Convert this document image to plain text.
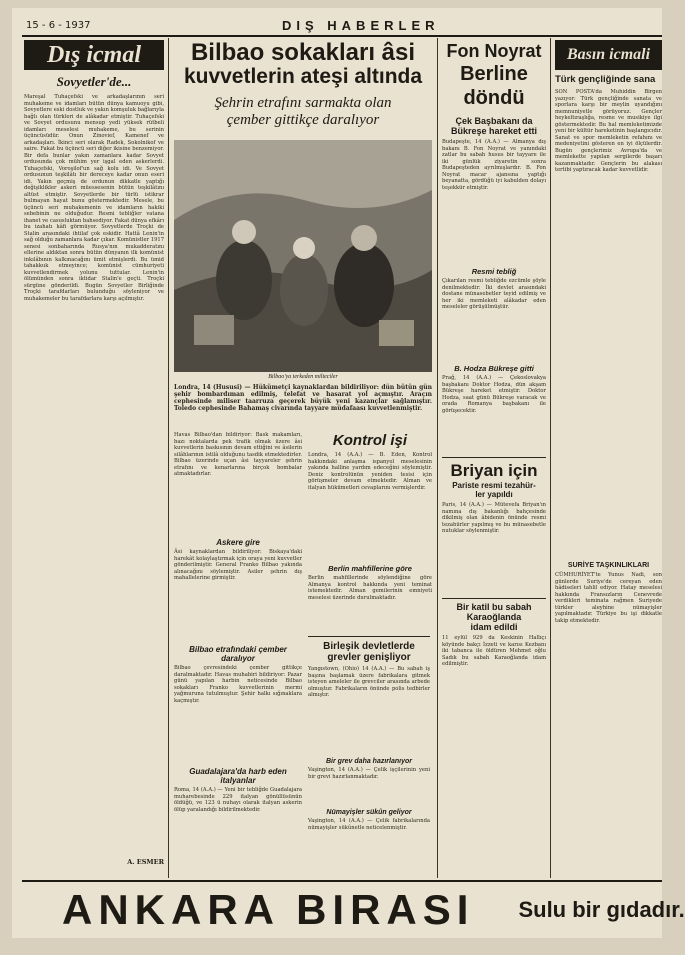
15 - 6 - 1937	DIŞ HABERLER
Dış icmal
Sovyetler'de...
Mareşal Tuhaçefski ve arkadaşlarının seri muhakeme ve idamları bütün dünya kamuoyu gibi, Sovyetlere eski dostluk ve yakın komşuluk bağlarıyla bağlı olan türkleri de alâkadar etmiştir. Tuhaçefski ve Sovyet ordusunu mensup yedi yüksek rütbeli idamları meselesi muhakeme, bu serinin üçüncüsüdür. Onun Zinovief, Kamenef ve arkadaşları. İkinci seri olarak Radek, Sokolnikof ve saire. Fakat bu üçüncü seri diğer ikisine benzemiyor. Bir defa bunlar yakın zamanlara kadar Sovyet ordusunda çok mühim yer işgal eden askerlerdi. Tuhaçefski, Voroşilof'un sağ kolu idi. Ve Sovyet ordusunun teşkilâtı bir dereceye kadar onun eseri idi. Yakın geçmiş de ordunun dikkatle yaptığı değişiklikler askeri müessesenin bütün teşkilâtını altüst etmiştir. Sovyetlerde bir türlü istikrar bulmayan hayat bunu göstermektedir. Mesele, bu üçüncü seri muhakemenin ve idamların hakiki sebebinin ne olduğudur. Resmi tebliğler vatana ihanet ve casusluktan bahsediyor. Fakat dünya efkârı bu izahatı kâfi görmüyor. Sovyetlerde Troçki de Stalin arasındaki ihtilaf çok eskidir. Hattâ Lenin'in sağ olduğu zamanlara kadar çıkar. Komünistler 1917 senesi sonbaharında Rusya'nın mukadderatını ellerine aldıktan sonra bütün dünyanın ilk komünist inkılâbının kalkınacağını ümit etmişlerdi. Bu ümid tahakkuk etmeyince; komünist cümhuriyeti kuvvetlendirmek yolunu tuttular. Lenin'in ölümünden sonra iktidar Stalin'e geçti. Troçki sürgüne gönderildi. Bugün Sovyetler Birliğinde Troçki tarafdarları bulunduğu söyleniyor ve muhakemeler bu tarafdarlara karşı açılmıştır.
A. ESMER
Bilbao sokakları âsi
kuvvetlerin ateşi altında
Şehrin etrafını sarmakta olan
çember gittikçe daralıyor
Bilbao'ya terkeden milteciler
Londra, 14 (Hususi) — Hükümetçi kaynaklardan bildiriliyor: dün bütün gün şehir bombardıman edilmiş, telefat ve hasarat yol açmıştır. Araçın cephesinde miliser taarruza geçerek büyük yeni kazançlar sağlamıştır. Toledo cephesinde Bahamaş civarında tayyare müdafaası kuvvetlenmiştir.
Havas Bilbao'dan bildiriyor: Bask makamları, bazı noktalarda pek trafik olmak üzere âsi kuvvetlerin baskısının devam ettiğini ve âsilerin silâhlarının istilâ olduğunu tasdik etmektedirler. Bilbao üzerinde uçan âsi tayyareler şehrin etrafını ve kenarlarına birçok bombalar atmaktadırlar.
Askere gire
Âsi kaynaklardan bildiriliyor: Biskaya'daki harekât kolaylaştırmak için oraya yeni kuvvetler gönderilmiştir. General Franko Bilbao yakında alınacağını söylemiştir. Asiler şehrin dış mahallelerine girmiştir.
Bilbao etrafındaki çember daralıyor
Bilbao çevresindeki çember gittikçe daralmaktadır. Havas muhabiri bildiriyor: Pazar günü yapılan harbin neticesinde Bilbao sokakları Franko kuvvetlerinin mermi yağmuruna tutulmuştur. Şehir halkı sığınaklara kaçmıştır.
Guadalajara'da harb eden italyanlar
Roma, 14 (A.A.) — Yeni bir tebliğde Guadalajara muharebesinde 229 italyan gönüllüsünün öldüğü, ve 123 ü nuhayı olarak italyan askerin ölüp yaralandığı bildirilmektedir.
Kontrol işi
Londra, 14 (A.A.) — B. Eden, Kontrol hakkındaki anlaşma ispanyol meselesinin yakında halline yardım edeceğini söylemiştir. Deniz kontrolünün yeniden tesisi için görüşmeler devam etmektedir. Alman ve italyan hükümetleri cevaplarını vermişlerdir.
Berlin mahfillerine göre
Berlin mahfillerinde söylendiğine göre Almanya kontrol hakkında yeni teminat istemektedir. Alman gemilerinin emniyeti meselesi üzerinde durulmaktadır.
Birleşik devletlerde
grevler genişliyor
Yangıstown, (Ohio) 14 (A.A.) — Bu sabah iş başına başlamak üzere fabrikalara gitmek isteyen ameleler ile grevciler arasında arbede olmuştur. Fabrikaların önünde polis tedbirler almıştır.
Bir grev daha hazırlanıyor
Vaşington, 14 (A.A.) — Çelik işçilerinin yeni bir grevi hazırlanmaktadır.
Nümayişler sükûn geliyor
Vaşington, 14 (A.A.) — Çelik fabrikalarında nümayişler sükûnetle neticelenmiştir.
Fon Noyrat
Berline
döndü
Çek Başbakanı da
Bükreşe hareket etti
Budapeşte, 14 (A.A.) — Almanya dış bakanı B. Fon Noyrat ve yanındaki zatlar bu sabah husus bir tayyare ile iki günlük ziyaretin sonra Budapeşteden ayrılmışlardır. B. Fon Noyrat macar ajansına yaptığı beyanatta, gördüğü iyi kabulden dolayı teşekkür etmiştir.
Resmi tebliğ
Çıkarılan resmi tebliğde ezcümle şöyle denilmektedir: İki devlet arasındaki dostane münasebetler teyid edilmiş ve her iki memleketi alâkadar eden meseleler görüşülmüştür.
B. Hodza Bükreşe gitti
Prağ, 14 (A.A.) — Çekoslovakya başbakanı Doktor Hodza, dün akşam Bükreşe hareket etmiştir. Doktor Hodza, saat günü Bükreşe varacak ve orada Romanya başbakanı ile görüşecektir.
Briyan için
Pariste resmi tezahür-
ler yapıldı
Paris, 14 (A.A.) — Mütevefa Briyan'ın namına dış bakanlığı bahçesinde dikilmiş olan âbidenin önünde resmi tezahürler yapılmış ve bu münasebetle nutuklar söylenmiştir.
Bir katil bu sabah
Karaoğlanda
idam edildi
11 eylül 929 da Keskinin Hallıçı köyünde bakçı İzzeti ve karısı Kezbanı iki tabanca ile öldüren Mehmet oğlu Sadık bu sabah Karaoğlanda idam edilmiştir.
Basın icmali
Türk gençliğinde sana
SON POSTA'da Muhiddin Birgen yazıyor: Türk gençliğinde sanata ve sporlara karşı bir meylin uyandığını memnuniyetle görüyoruz. Gençler heykeltıraşlığa, resme ve musikiye ilgi göstermektedir. Bu hal memleketimizde yeni bir kültür hareketinin başlangıcıdır. Sanat ve spor memleketin refahını ve medeniyetini gösteren en iyi ölçülerdir. Bugün gençlerimiz Avrupa'da ve memlekette yapılan sergilerde başarı kazanmaktadır. Gençlerin bu alakası tertibi yaptıracak kadar kuvvetlidir.
SURİYE TAŞKINLIKLARI
CÜMHURİYET'te Yunus Nadi, son günlerde Suriye'de cereyan eden hâdiseleri tahlil ediyor. Hatay meselesi hakkında Fransızların Cenevrede verdikleri teminata rağmen Suriyede türkler aleyhine nümayişler yapılmaktadır. Türkiye bu işi dikkatle takip etmektedir.
ANKARA BIRASI Sulu bir gıdadır.
